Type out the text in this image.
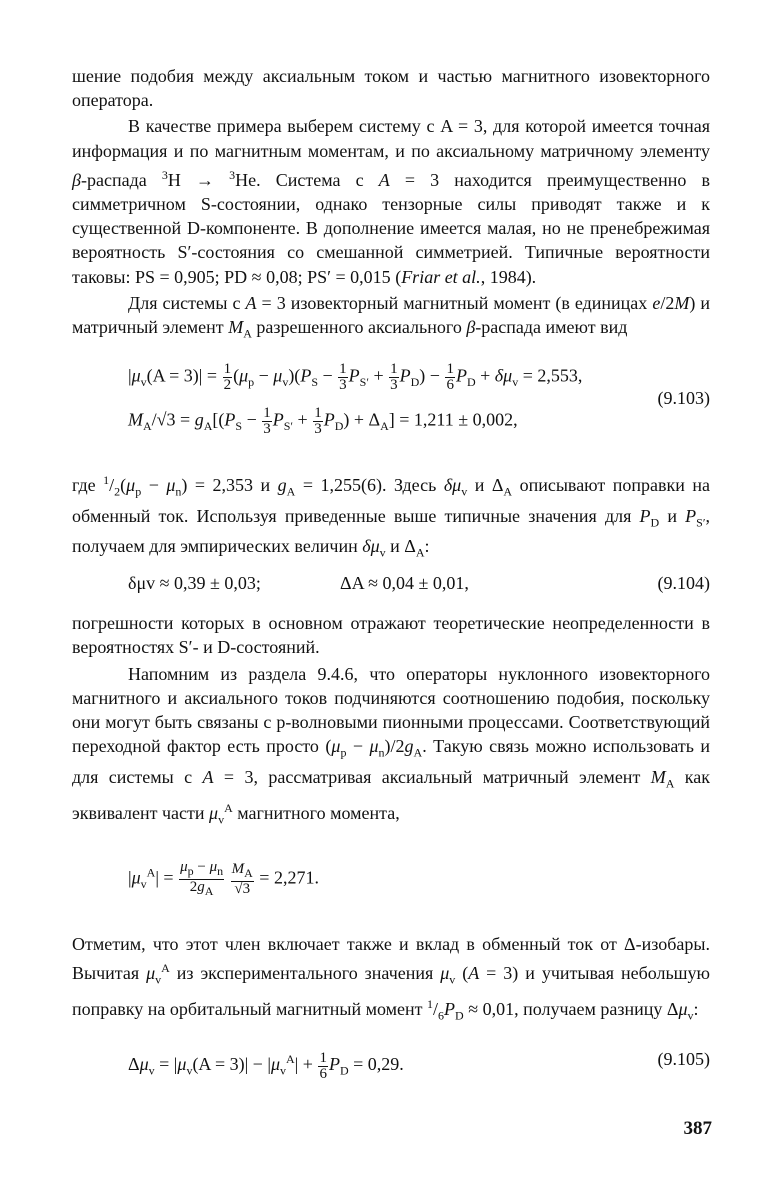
шение подобия между аксиальным током и частью магнитного изовекторного оператора.

В качестве примера выберем систему с A = 3, для которой имеется точная информация и по магнитным моментам, и по аксиальному матричному элементу β-распада $^3$H → $^3$He. Система с A = 3 находится преимущественно в симметричном S-состоянии, однако тензорные силы приводят также и к существенной D-компоненте. В дополнение имеется малая, но не пренебрежимая вероятность S′-состояния со смешанной симметрией. Типичные вероятности таковы: PS = 0,905; PD ≈ 0,08; PS′ = 0,015 (Friar et al., 1984).

Для системы с A = 3 изовекторный магнитный момент (в единицах e/2M) и матричный элемент $M_A$ разрешенного аксиального β-распада имеют вид

$|\mu_v(A = 3)| = \frac{1}{2} (\mu_p - \mu_v)(P_S - \frac{1}{3} P_{S'} + \frac{1}{3} P_D) - \frac{1}{6} P_D + \delta\mu_v = 2,553$,
(9.103)
$M_A/√3 = g_A[(P_S - \frac{1}{3} P_{S'} + \frac{1}{3} P_D) + \Delta_A] = 1,211 \pm 0,002$,

где $^1/_2(\mu_p - \mu_n) = 2,353$ и $g_A = 1,255(6)$. Здесь $\delta\mu_v$ и $\Delta_A$ описывают поправки на обменный ток. Используя приведенные выше типичные значения для $P_D$ и $P_{S'}$, получаем для эмпирических величин $\delta\mu_v$ и $\Delta_A$:

δμv ≈ 0,39 ± 0,03;	ΔA ≈ 0,04 ± 0,01,	(9.104)

погрешности которых в основном отражают теоретические неопределенности в вероятностях S′- и D-состояний.

Напомним из раздела 9.4.6, что операторы нуклонного изовекторного магнитного и аксиального токов подчиняются соотношению подобия, поскольку они могут быть связаны с p-волновыми пионными процессами. Соответствующий переходной фактор есть просто $(\mu_p - \mu_n)/2g_A$. Такую связь можно использовать и для системы с A = 3, рассматривая аксиальный матричный элемент $M_A$ как эквивалент части $\mu_v^A$ магнитного момента,

$|\mu_v^A| = \frac{\mu_p - \mu_n}{2g_A}$
$\frac{M_A}{√3} = 2,271$.

Отметим, что этот член включает также и вклад в обменный ток от Δ-изобары. Вычитая $\mu_v^A$ из экспериментального значения $\mu_v$ (A = 3) и учитывая небольшую поправку на орбитальный магнитный момент $^1/_6P_D \approx 0,01$, получаем разницу $\Delta\mu_v$:

$\Delta\mu_v = |\mu_v(A = 3)| - |\mu_v^A| + \frac{1}{6} P_D = 0,29$.	(9.105)
387
